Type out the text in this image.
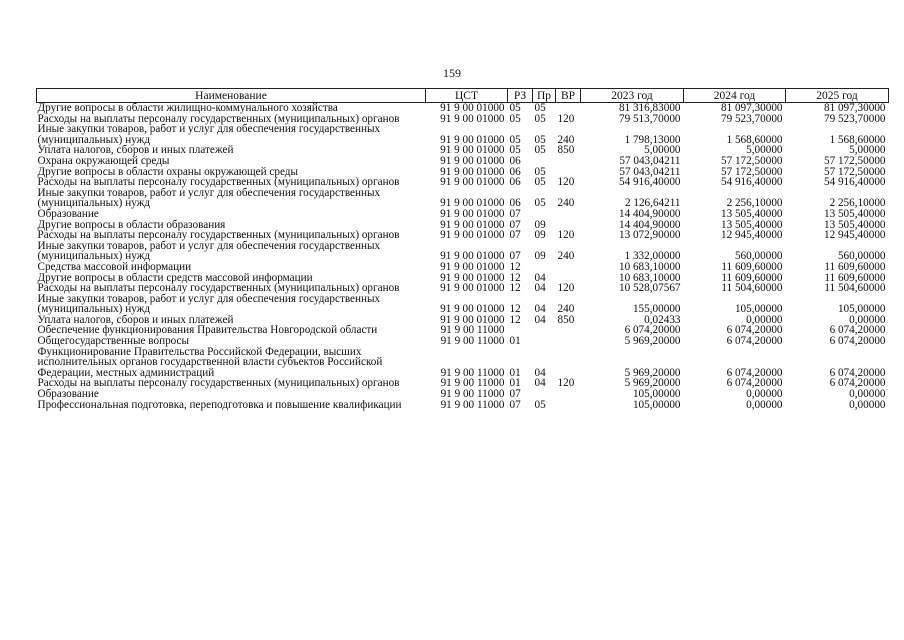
159
Наименование	ЦСТ	РЗ	Пр	ВР	2023 год	2024 год	2025 год
Другие вопросы в области жилищно-коммунального хозяйства	91 9 00 01000	05	05		81 316,83000	81 097,30000	81 097,30000
Расходы на выплаты персоналу государственных (муниципальных) органов	91 9 00 01000	05	05	120	79 513,70000	79 523,70000	79 523,70000
Иные закупки товаров, работ и услуг для обеспечения государственных (муниципальных) нужд	91 9 00 01000	05	05	240	1 798,13000	1 568,60000	1 568,60000
Уплата налогов, сборов и иных платежей	91 9 00 01000	05	05	850	5,00000	5,00000	5,00000
Охрана окружающей среды	91 9 00 01000	06			57 043,04211	57 172,50000	57 172,50000
Другие вопросы в области охраны окружающей среды	91 9 00 01000	06	05		57 043,04211	57 172,50000	57 172,50000
Расходы на выплаты персоналу государственных (муниципальных) органов	91 9 00 01000	06	05	120	54 916,40000	54 916,40000	54 916,40000
Иные закупки товаров, работ и услуг для обеспечения государственных (муниципальных) нужд	91 9 00 01000	06	05	240	2 126,64211	2 256,10000	2 256,10000
Образование	91 9 00 01000	07			14 404,90000	13 505,40000	13 505,40000
Другие вопросы в области образования	91 9 00 01000	07	09		14 404,90000	13 505,40000	13 505,40000
Расходы на выплаты персоналу государственных (муниципальных) органов	91 9 00 01000	07	09	120	13 072,90000	12 945,40000	12 945,40000
Иные закупки товаров, работ и услуг для обеспечения государственных (муниципальных) нужд	91 9 00 01000	07	09	240	1 332,00000	560,00000	560,00000
Средства массовой информации	91 9 00 01000	12			10 683,10000	11 609,60000	11 609,60000
Другие вопросы в области средств массовой информации	91 9 00 01000	12	04		10 683,10000	11 609,60000	11 609,60000
Расходы на выплаты персоналу государственных (муниципальных) органов	91 9 00 01000	12	04	120	10 528,07567	11 504,60000	11 504,60000
Иные закупки товаров, работ и услуг для обеспечения государственных (муниципальных) нужд	91 9 00 01000	12	04	240	155,00000	105,00000	105,00000
Уплата налогов, сборов и иных платежей	91 9 00 01000	12	04	850	0,02433	0,00000	0,00000
Обеспечение функционирования Правительства Новгородской области	91 9 00 11000				6 074,20000	6 074,20000	6 074,20000
Общегосударственные вопросы	91 9 00 11000	01			5 969,20000	6 074,20000	6 074,20000
Функционирование Правительства Российской Федерации, высших исполнительных органов государственной власти субъектов Российской Федерации, местных администраций	91 9 00 11000	01	04		5 969,20000	6 074,20000	6 074,20000
Расходы на выплаты персоналу государственных (муниципальных) органов	91 9 00 11000	01	04	120	5 969,20000	6 074,20000	6 074,20000
Образование	91 9 00 11000	07			105,00000	0,00000	0,00000
Профессиональная подготовка, переподготовка и повышение квалификации	91 9 00 11000	07	05		105,00000	0,00000	0,00000
